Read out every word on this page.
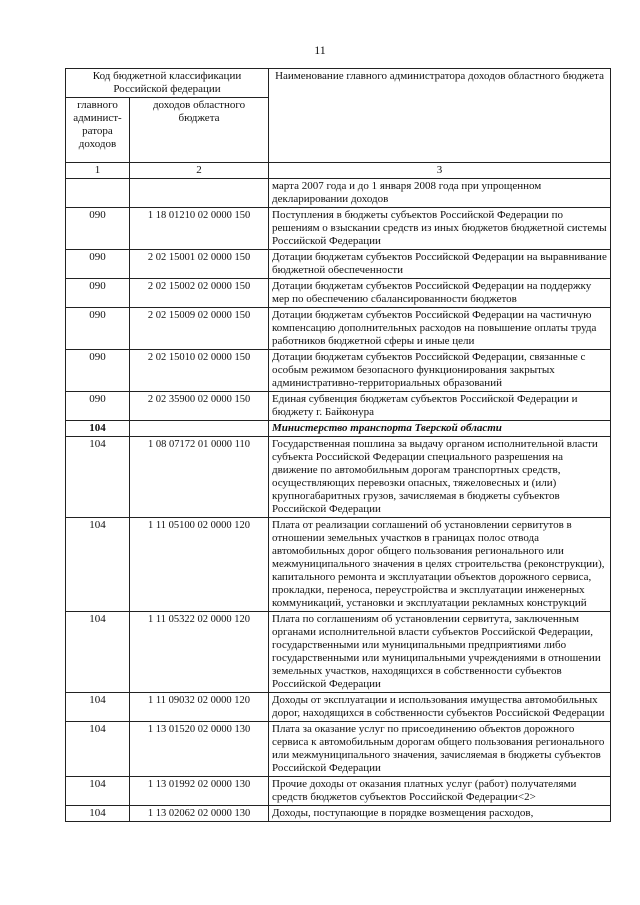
11
Код бюджетной классификации Российской федерации		Наименование главного администратора доходов областного бюджета
главного админист-ратора доходов	доходов областного бюджета	
1	2	3
		марта 2007 года и до 1 января 2008 года при упрощенном декларировании доходов
090	1 18 01210 02 0000 150	Поступления в бюджеты субъектов Российской Федерации по решениям о взыскании средств из иных бюджетов бюджетной системы Российской Федерации
090	2 02 15001 02 0000 150	Дотации бюджетам субъектов Российской Федерации на выравнивание бюджетной обеспеченности
090	2 02 15002 02 0000 150	Дотации бюджетам субъектов Российской Федерации на поддержку мер по обеспечению сбалансированности бюджетов
090	2 02 15009 02 0000 150	Дотации бюджетам субъектов Российской Федерации на частичную компенсацию дополнительных расходов на повышение оплаты труда работников бюджетной сферы и иные цели
090	2 02 15010 02 0000 150	Дотации бюджетам субъектов Российской Федерации, связанные с особым режимом безопасного функционирования закрытых административно-территориальных образований
090	2 02 35900 02 0000 150	Единая субвенция бюджетам субъектов Российской Федерации и бюджету г. Байконура
104		Министерство транспорта Тверской области
104	1 08 07172 01 0000 110	Государственная пошлина за выдачу органом исполнительной власти субъекта Российской Федерации специального разрешения на движение по автомобильным дорогам транспортных средств, осуществляющих перевозки опасных, тяжеловесных и (или) крупногабаритных грузов, зачисляемая в бюджеты субъектов Российской Федерации
104	1 11 05100 02 0000 120	Плата от реализации соглашений об установлении сервитутов в отношении земельных участков в границах полос отвода автомобильных дорог общего пользования регионального или межмуниципального значения в целях строительства (реконструкции), капитального ремонта и эксплуатации объектов дорожного сервиса, прокладки, переноса, переустройства и эксплуатации инженерных коммуникаций, установки и эксплуатации рекламных конструкций
104	1 11 05322 02 0000 120	Плата по соглашениям об установлении сервитута, заключенным органами исполнительной власти субъектов Российской Федерации, государственными или муниципальными предприятиями либо государственными или муниципальными учреждениями в отношении земельных участков, находящихся в собственности субъектов Российской Федерации
104	1 11 09032 02 0000 120	Доходы от эксплуатации и использования имущества автомобильных дорог, находящихся в собственности субъектов Российской Федерации
104	1 13 01520 02 0000 130	Плата за оказание услуг по присоединению объектов дорожного сервиса к автомобильным дорогам общего пользования регионального или межмуниципального значения, зачисляемая в бюджеты субъектов Российской Федерации
104	1 13 01992 02 0000 130	Прочие доходы от оказания платных услуг (работ) получателями средств бюджетов субъектов Российской Федерации<2>
104	1 13 02062 02 0000 130	Доходы, поступающие в порядке возмещения расходов,
